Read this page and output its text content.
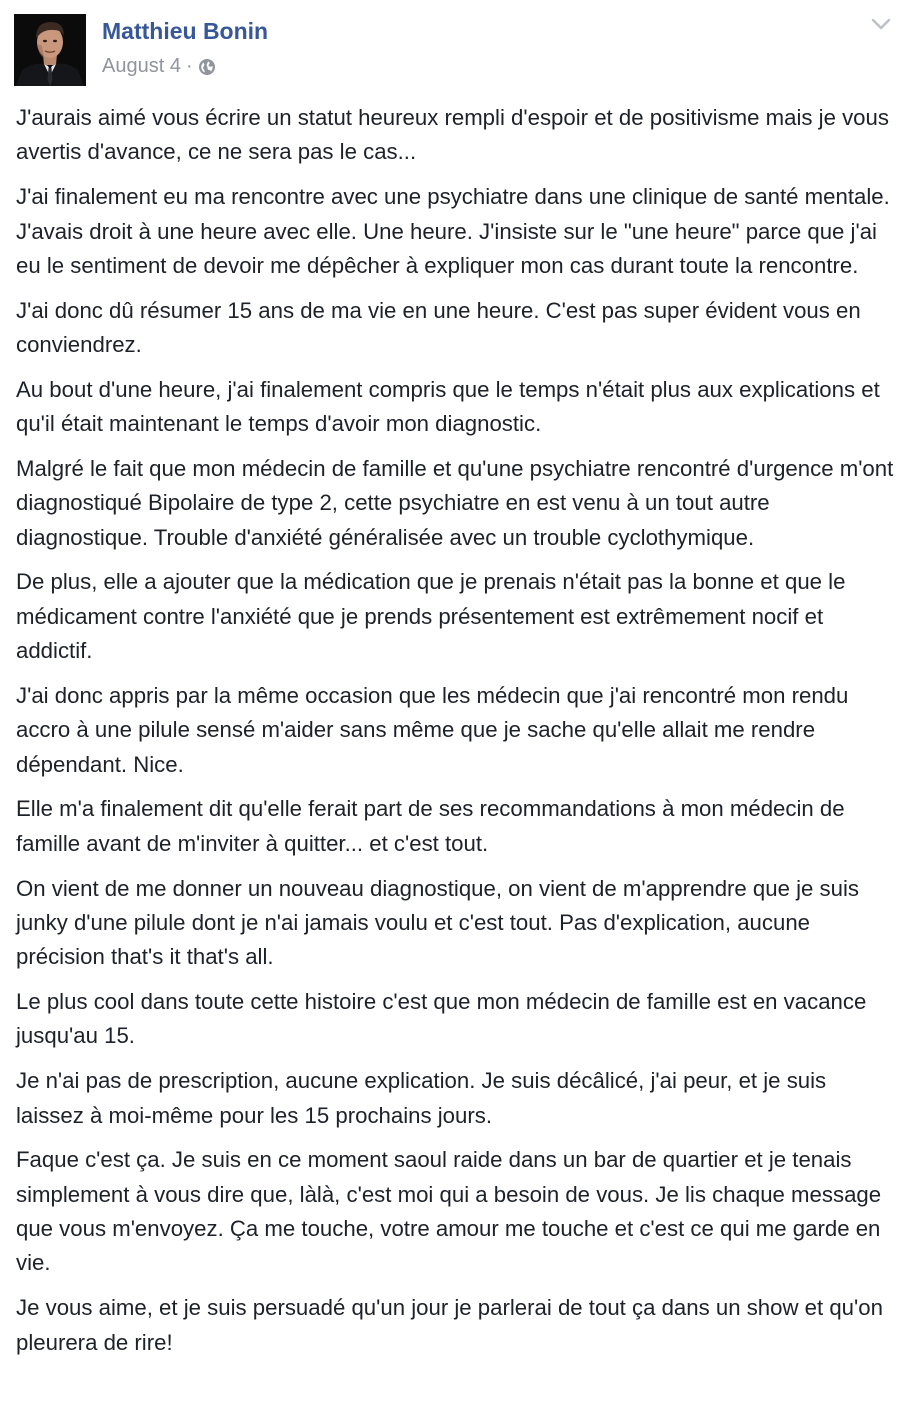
Matthieu Bonin
August 4 ·

J'aurais aimé vous écrire un statut heureux rempli d'espoir et de positivisme mais je vous avertis d'avance, ce ne sera pas le cas...

J'ai finalement eu ma rencontre avec une psychiatre dans une clinique de santé mentale. J'avais droit à une heure avec elle. Une heure. J'insiste sur le "une heure" parce que j'ai eu le sentiment de devoir me dépêcher à expliquer mon cas durant toute la rencontre.

J'ai donc dû résumer 15 ans de ma vie en une heure. C'est pas super évident vous en conviendrez.

Au bout d'une heure, j'ai finalement compris que le temps n'était plus aux explications et qu'il était maintenant le temps d'avoir mon diagnostic.

Malgré le fait que mon médecin de famille et qu'une psychiatre rencontré d'urgence m'ont diagnostiqué Bipolaire de type 2, cette psychiatre en est venu à un tout autre diagnostique. Trouble d'anxiété généralisée avec un trouble cyclothymique.

De plus, elle a ajouter que la médication que je prenais n'était pas la bonne et que le médicament contre l'anxiété que je prends présentement est extrêmement nocif et addictif.

J'ai donc appris par la même occasion que les médecin que j'ai rencontré mon rendu accro à une pilule sensé m'aider sans même que je sache qu'elle allait me rendre dépendant. Nice.

Elle m'a finalement dit qu'elle ferait part de ses recommandations à mon médecin de famille avant de m'inviter à quitter... et c'est tout.

On vient de me donner un nouveau diagnostique, on vient de m'apprendre que je suis junky d'une pilule dont je n'ai jamais voulu et c'est tout. Pas d'explication, aucune précision that's it that's all.

Le plus cool dans toute cette histoire c'est que mon médecin de famille est en vacance jusqu'au 15.

Je n'ai pas de prescription, aucune explication. Je suis décâlicé, j'ai peur, et je suis laissez à moi-même pour les 15 prochains jours.

Faque c'est ça. Je suis en ce moment saoul raide dans un bar de quartier et je tenais simplement à vous dire que, làlà, c'est moi qui a besoin de vous. Je lis chaque message que vous m'envoyez. Ça me touche, votre amour me touche et c'est ce qui me garde en vie.

Je vous aime, et je suis persuadé qu'un jour je parlerai de tout ça dans un show et qu'on pleurera de rire!
